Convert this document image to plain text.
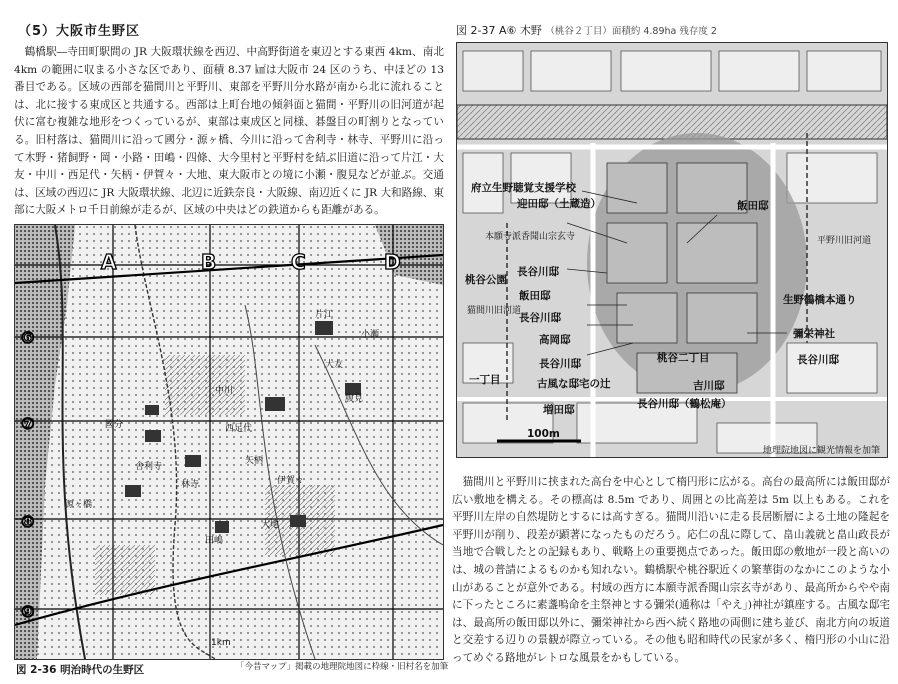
（5）大阪市生野区

鶴橋駅―寺田町駅間の JR 大阪環状線を西辺、中高野街道を東辺とする東西 4km、南北 4km の範囲に収まる小さな区であり、面積 8.37 ㎢は大阪市 24 区のうち、中ほどの 13 番目である。区域の西部を猫間川と平野川、東部を平野川分水路が南から北に流れることは、北に接する東成区と共通する。西部は上町台地の傾斜面と猫間・平野川の旧河道が起伏に富む複雑な地形をつくっているが、東部は東成区と同様、碁盤目の町割りとなっている。旧村落は、猫間川に沿って國分・源ヶ橋、今川に沿って舎利寺・林寺、平野川に沿って木野・猪飼野・岡・小路・田嶋・四條、大今里村と平野村を結ぶ旧道に沿って片江・大友・中川・西足代・矢柄・伊賀々・大地、東大阪市との境に小瀬・腹見などが並ぶ。交通は、区域の西辺に JR 大阪環状線、北辺に近鉄奈良・大阪線、南辺近くに JR 大和路線、東部に大阪メトロ千日前線が走るが、区域の中央はどの鉄道からも距離がある。

A	B	C	D
⑥
⑦
⑧
⑨
片江
小瀬
大友
中川
腹見
國分	西足代
舎利寺
矢柄
林寺	伊賀々
源ヶ橋
田嶋
大地
1km
図 2-36 明治時代の生野区	「今昔マップ」掲載の地理院地図に枠線・旧村名を加筆
図 2-37 A⑥ 木野 （桃谷２丁目）面積約 4.89ha 残存度 2
府立生野聴覚支援学校
迎田邸（土蔵造）	飯田邸
本願寺派香聞山宗玄寺
桃谷公園
長谷川邸
飯田邸
長谷川邸
猫間川旧河道
高岡邸
長谷川邸
古風な邸宅の辻
増田邸	長谷川邸（鶴松庵）
吉川邸
桃谷二丁目
彌栄神社
長谷川邸
生野鶴橋本通り
平野川旧河道
一丁目
100m
地理院地図に観光情報を加筆

猫間川と平野川に挟まれた高台を中心として楕円形に広がる。高台の最高所には飯田邸が広い敷地を構える。その標高は 8.5m であり、周囲との比高差は 5m 以上もある。これを平野川左岸の自然堤防とするには高すぎる。猫間川沿いに走る長居断層による土地の隆起を平野川が削り、段差が顕著になったものだろう。応仁の乱に際して、畠山義就と畠山政長が当地で合戦したとの記録もあり、戦略上の重要拠点であった。飯田邸の敷地が一段と高いのは、城の普請によるものかも知れない。鶴橋駅や桃谷駅近くの繁華街のなかにこのような小山があることが意外である。村域の西方に本願寺派香聞山宗玄寺があり、最高所からやや南に下ったところに素盞嗚命を主祭神とする彌栄(通称は「やえ」)神社が鎮座する。古風な邸宅は、最高所の飯田邸以外に、彌栄神社から西へ続く路地の両側に建ち並び、南北方向の坂道と交差する辺りの景観が際立っている。その他も昭和時代の民家が多く、楕円形の小山に沿ってめぐる路地がレトロな風景をかもしている。
